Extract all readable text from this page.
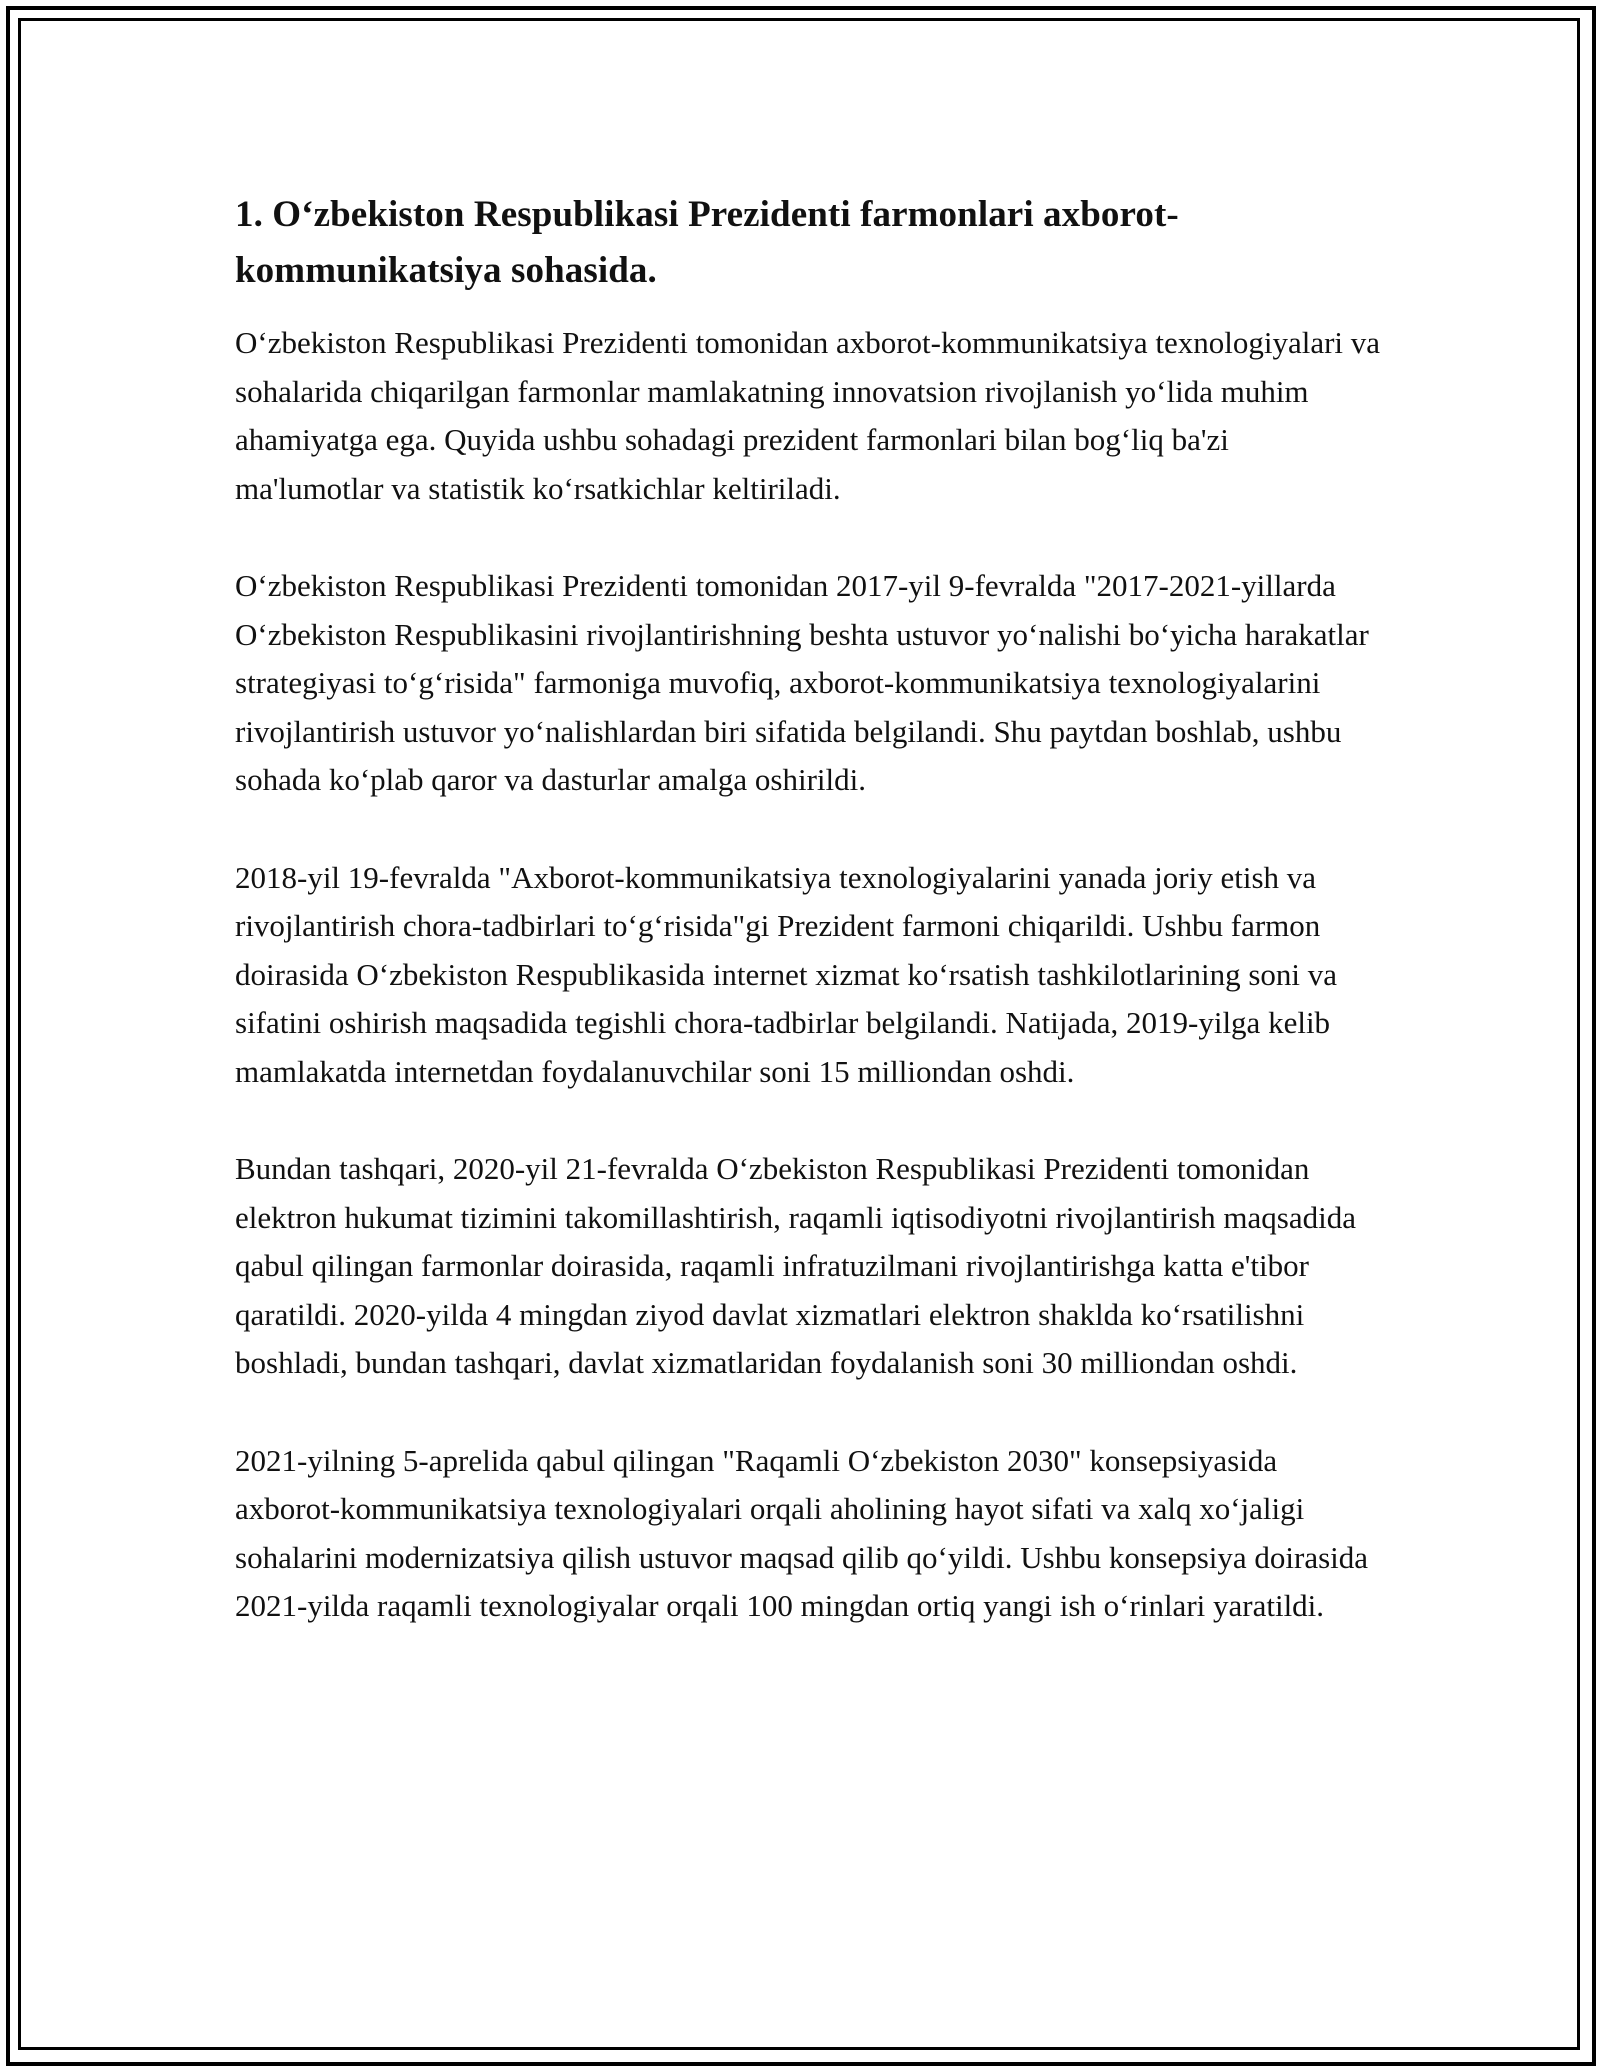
1. O‘zbekiston Respublikasi Prezidenti farmonlari axborot-kommunikatsiya sohasida.

O‘zbekiston Respublikasi Prezidenti tomonidan axborot-kommunikatsiya texnologiyalari va sohalarida chiqarilgan farmonlar mamlakatning innovatsion rivojlanish yo‘lida muhim ahamiyatga ega. Quyida ushbu sohadagi prezident farmonlari bilan bog‘liq ba'zi ma'lumotlar va statistik ko‘rsatkichlar keltiriladi.

O‘zbekiston Respublikasi Prezidenti tomonidan 2017-yil 9-fevralda "2017-2021-yillarda O‘zbekiston Respublikasini rivojlantirishning beshta ustuvor yo‘nalishi bo‘yicha harakatlar strategiyasi to‘g‘risida" farmoniga muvofiq, axborot-kommunikatsiya texnologiyalarini rivojlantirish ustuvor yo‘nalishlardan biri sifatida belgilandi. Shu paytdan boshlab, ushbu sohada ko‘plab qaror va dasturlar amalga oshirildi.

2018-yil 19-fevralda "Axborot-kommunikatsiya texnologiyalarini yanada joriy etish va rivojlantirish chora-tadbirlari to‘g‘risida"gi Prezident farmoni chiqarildi. Ushbu farmon doirasida O‘zbekiston Respublikasida internet xizmat ko‘rsatish tashkilotlarining soni va sifatini oshirish maqsadida tegishli chora-tadbirlar belgilandi. Natijada, 2019-yilga kelib mamlakatda internetdan foydalanuvchilar soni 15 milliondan oshdi.

Bundan tashqari, 2020-yil 21-fevralda O‘zbekiston Respublikasi Prezidenti tomonidan elektron hukumat tizimini takomillashtirish, raqamli iqtisodiyotni rivojlantirish maqsadida qabul qilingan farmonlar doirasida, raqamli infratuzilmani rivojlantirishga katta e'tibor qaratildi. 2020-yilda 4 mingdan ziyod davlat xizmatlari elektron shaklda ko‘rsatilishni boshladi, bundan tashqari, davlat xizmatlaridan foydalanish soni 30 milliondan oshdi.

2021-yilning 5-aprelida qabul qilingan "Raqamli O‘zbekiston 2030" konsepsiyasida axborot-kommunikatsiya texnologiyalari orqali aholining hayot sifati va xalq xo‘jaligi sohalarini modernizatsiya qilish ustuvor maqsad qilib qo‘yildi. Ushbu konsepsiya doirasida 2021-yilda raqamli texnologiyalar orqali 100 mingdan ortiq yangi ish o‘rinlari yaratildi.
